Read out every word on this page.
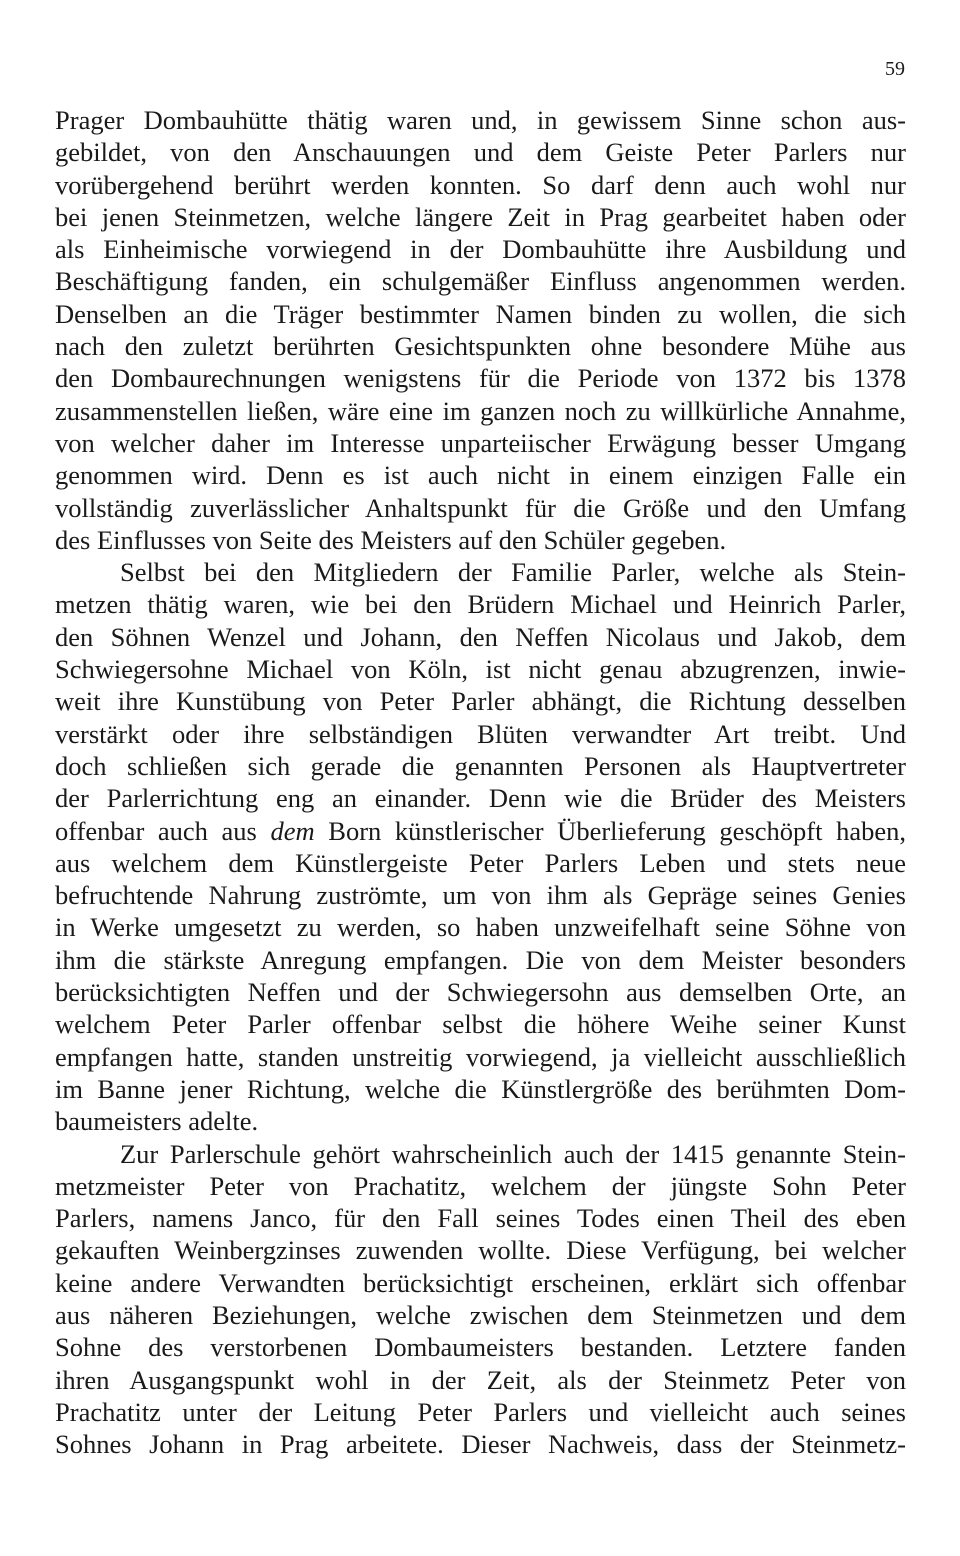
59
Prager Dombauhütte thätig waren und, in gewissem Sinne schon aus-
gebildet, von den Anschauungen und dem Geiste Peter Parlers nur
vorübergehend berührt werden konnten. So darf denn auch wohl nur
bei jenen Steinmetzen, welche längere Zeit in Prag gearbeitet haben oder
als Einheimische vorwiegend in der Dombauhütte ihre Ausbildung und
Beschäftigung fanden, ein schulgemäßer Einfluss angenommen werden.
Denselben an die Träger bestimmter Namen binden zu wollen, die sich
nach den zuletzt berührten Gesichtspunkten ohne besondere Mühe aus
den Dombaurechnungen wenigstens für die Periode von 1372 bis 1378
zusammenstellen ließen, wäre eine im ganzen noch zu willkürliche Annahme,
von welcher daher im Interesse unparteiischer Erwägung besser Umgang
genommen wird. Denn es ist auch nicht in einem einzigen Falle ein
vollständig zuverlässlicher Anhaltspunkt für die Größe und den Umfang
des Einflusses von Seite des Meisters auf den Schüler gegeben.
Selbst bei den Mitgliedern der Familie Parler, welche als Stein-
metzen thätig waren, wie bei den Brüdern Michael und Heinrich Parler,
den Söhnen Wenzel und Johann, den Neffen Nicolaus und Jakob, dem
Schwiegersohne Michael von Köln, ist nicht genau abzugrenzen, inwie-
weit ihre Kunstübung von Peter Parler abhängt, die Richtung desselben
verstärkt oder ihre selbständigen Blüten verwandter Art treibt. Und
doch schließen sich gerade die genannten Personen als Hauptvertreter
der Parlerrichtung eng an einander. Denn wie die Brüder des Meisters
offenbar auch aus dem Born künstlerischer Überlieferung geschöpft haben,
aus welchem dem Künstlergeiste Peter Parlers Leben und stets neue
befruchtende Nahrung zuströmte, um von ihm als Gepräge seines Genies
in Werke umgesetzt zu werden, so haben unzweifelhaft seine Söhne von
ihm die stärkste Anregung empfangen. Die von dem Meister besonders
berücksichtigten Neffen und der Schwiegersohn aus demselben Orte, an
welchem Peter Parler offenbar selbst die höhere Weihe seiner Kunst
empfangen hatte, standen unstreitig vorwiegend, ja vielleicht ausschließlich
im Banne jener Richtung, welche die Künstlergröße des berühmten Dom-
baumeisters adelte.
Zur Parlerschule gehört wahrscheinlich auch der 1415 genannte Stein-
metzmeister Peter von Prachatitz, welchem der jüngste Sohn Peter
Parlers, namens Janco, für den Fall seines Todes einen Theil des eben
gekauften Weinbergzinses zuwenden wollte. Diese Verfügung, bei welcher
keine andere Verwandten berücksichtigt erscheinen, erklärt sich offenbar
aus näheren Beziehungen, welche zwischen dem Steinmetzen und dem
Sohne des verstorbenen Dombaumeisters bestanden. Letztere fanden
ihren Ausgangspunkt wohl in der Zeit, als der Steinmetz Peter von
Prachatitz unter der Leitung Peter Parlers und vielleicht auch seines
Sohnes Johann in Prag arbeitete. Dieser Nachweis, dass der Steinmetz-
